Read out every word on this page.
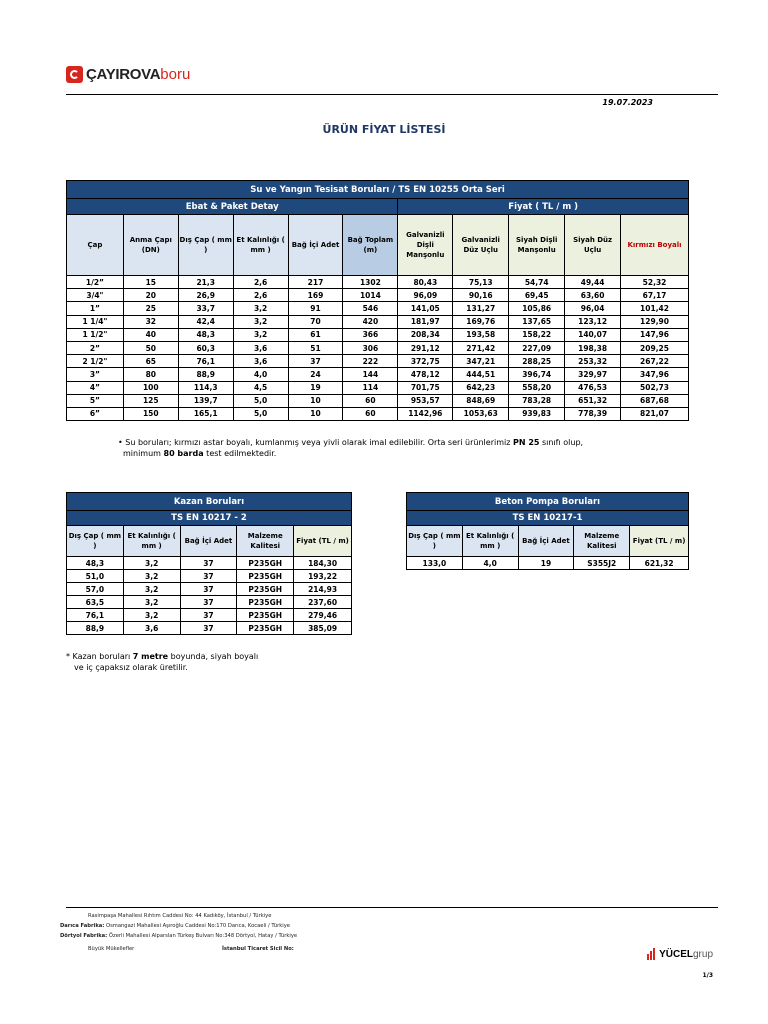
ÇAYIROVA boru
19.07.2023
ÜRÜN FİYAT LİSTESİ
Su ve Yangın Tesisat Boruları / TS EN 10255 Orta Seri										
Ebat & Paket Detay						Fiyat ( TL / m )				
Çap	Anma Çapı (DN)	Dış Çap ( mm )	Et Kalınlığı ( mm )	Bağ İçi Adet	Bağ Toplam (m)	Galvanizli Dişli Manşonlu	Galvanizli Düz Uçlu	Siyah Dişli Manşonlu	Siyah Düz Uçlu	Kırmızı Boyalı
1/2”	15	21,3	2,6	217	1302	80,43	75,13	54,74	49,44	52,32
3/4"	20	26,9	2,6	169	1014	96,09	90,16	69,45	63,60	67,17
1”	25	33,7	3,2	91	546	141,05	131,27	105,86	96,04	101,42
1 1/4"	32	42,4	3,2	70	420	181,97	169,76	137,65	123,12	129,90
1 1/2"	40	48,3	3,2	61	366	208,34	193,58	158,22	140,07	147,96
2”	50	60,3	3,6	51	306	291,12	271,42	227,09	198,38	209,25
2 1/2"	65	76,1	3,6	37	222	372,75	347,21	288,25	253,32	267,22
3”	80	88,9	4,0	24	144	478,12	444,51	396,74	329,97	347,96
4”	100	114,3	4,5	19	114	701,75	642,23	558,20	476,53	502,73
5”	125	139,7	5,0	10	60	953,57	848,69	783,28	651,32	687,68
6”	150	165,1	5,0	10	60	1142,96	1053,63	939,83	778,39	821,07
• Su boruları; kırmızı astar boyalı, kumlanmış veya yivli olarak imal edilebilir. Orta seri ürünlerimiz PN 25 sınıfı olup,
minimum 80 barda test edilmektedir.
Kazan Boruları				
TS EN 10217 - 2				
Dış Çap ( mm )	Et Kalınlığı ( mm )	Bağ İçi Adet	Malzeme Kalitesi	Fiyat (TL / m)
48,3	3,2	37	P235GH	184,30
51,0	3,2	37	P235GH	193,22
57,0	3,2	37	P235GH	214,93
63,5	3,2	37	P235GH	237,60
76,1	3,2	37	P235GH	279,46
88,9	3,6	37	P235GH	385,09
* Kazan boruları 7 metre boyunda, siyah boyalı
ve iç çapaksız olarak üretilir.
Beton Pompa Boruları				
TS EN 10217-1				
Dış Çap ( mm )	Et Kalınlığı ( mm )	Bağ İçi Adet	Malzeme Kalitesi	Fiyat (TL / m)
133,0	4,0	19	S355J2	621,32
Rasimpaşa Mahallesi Rıhtım Caddesi No: 44 Kadıköy, İstanbul / Türkiye
Darıca Fabrika: Osmangazi Mahallesi Aşıroğlu Caddesi No:170 Darıca, Kocaeli / Türkiye
Dörtyol Fabrika: Özerli Mahallesi Alparslan Türkeş Bulvarı No:348 Dörtyol, Hatay / Türkiye
Büyük Mükellefler	İstanbul Ticaret Sicil No:	YÜCEL grup
1/3
